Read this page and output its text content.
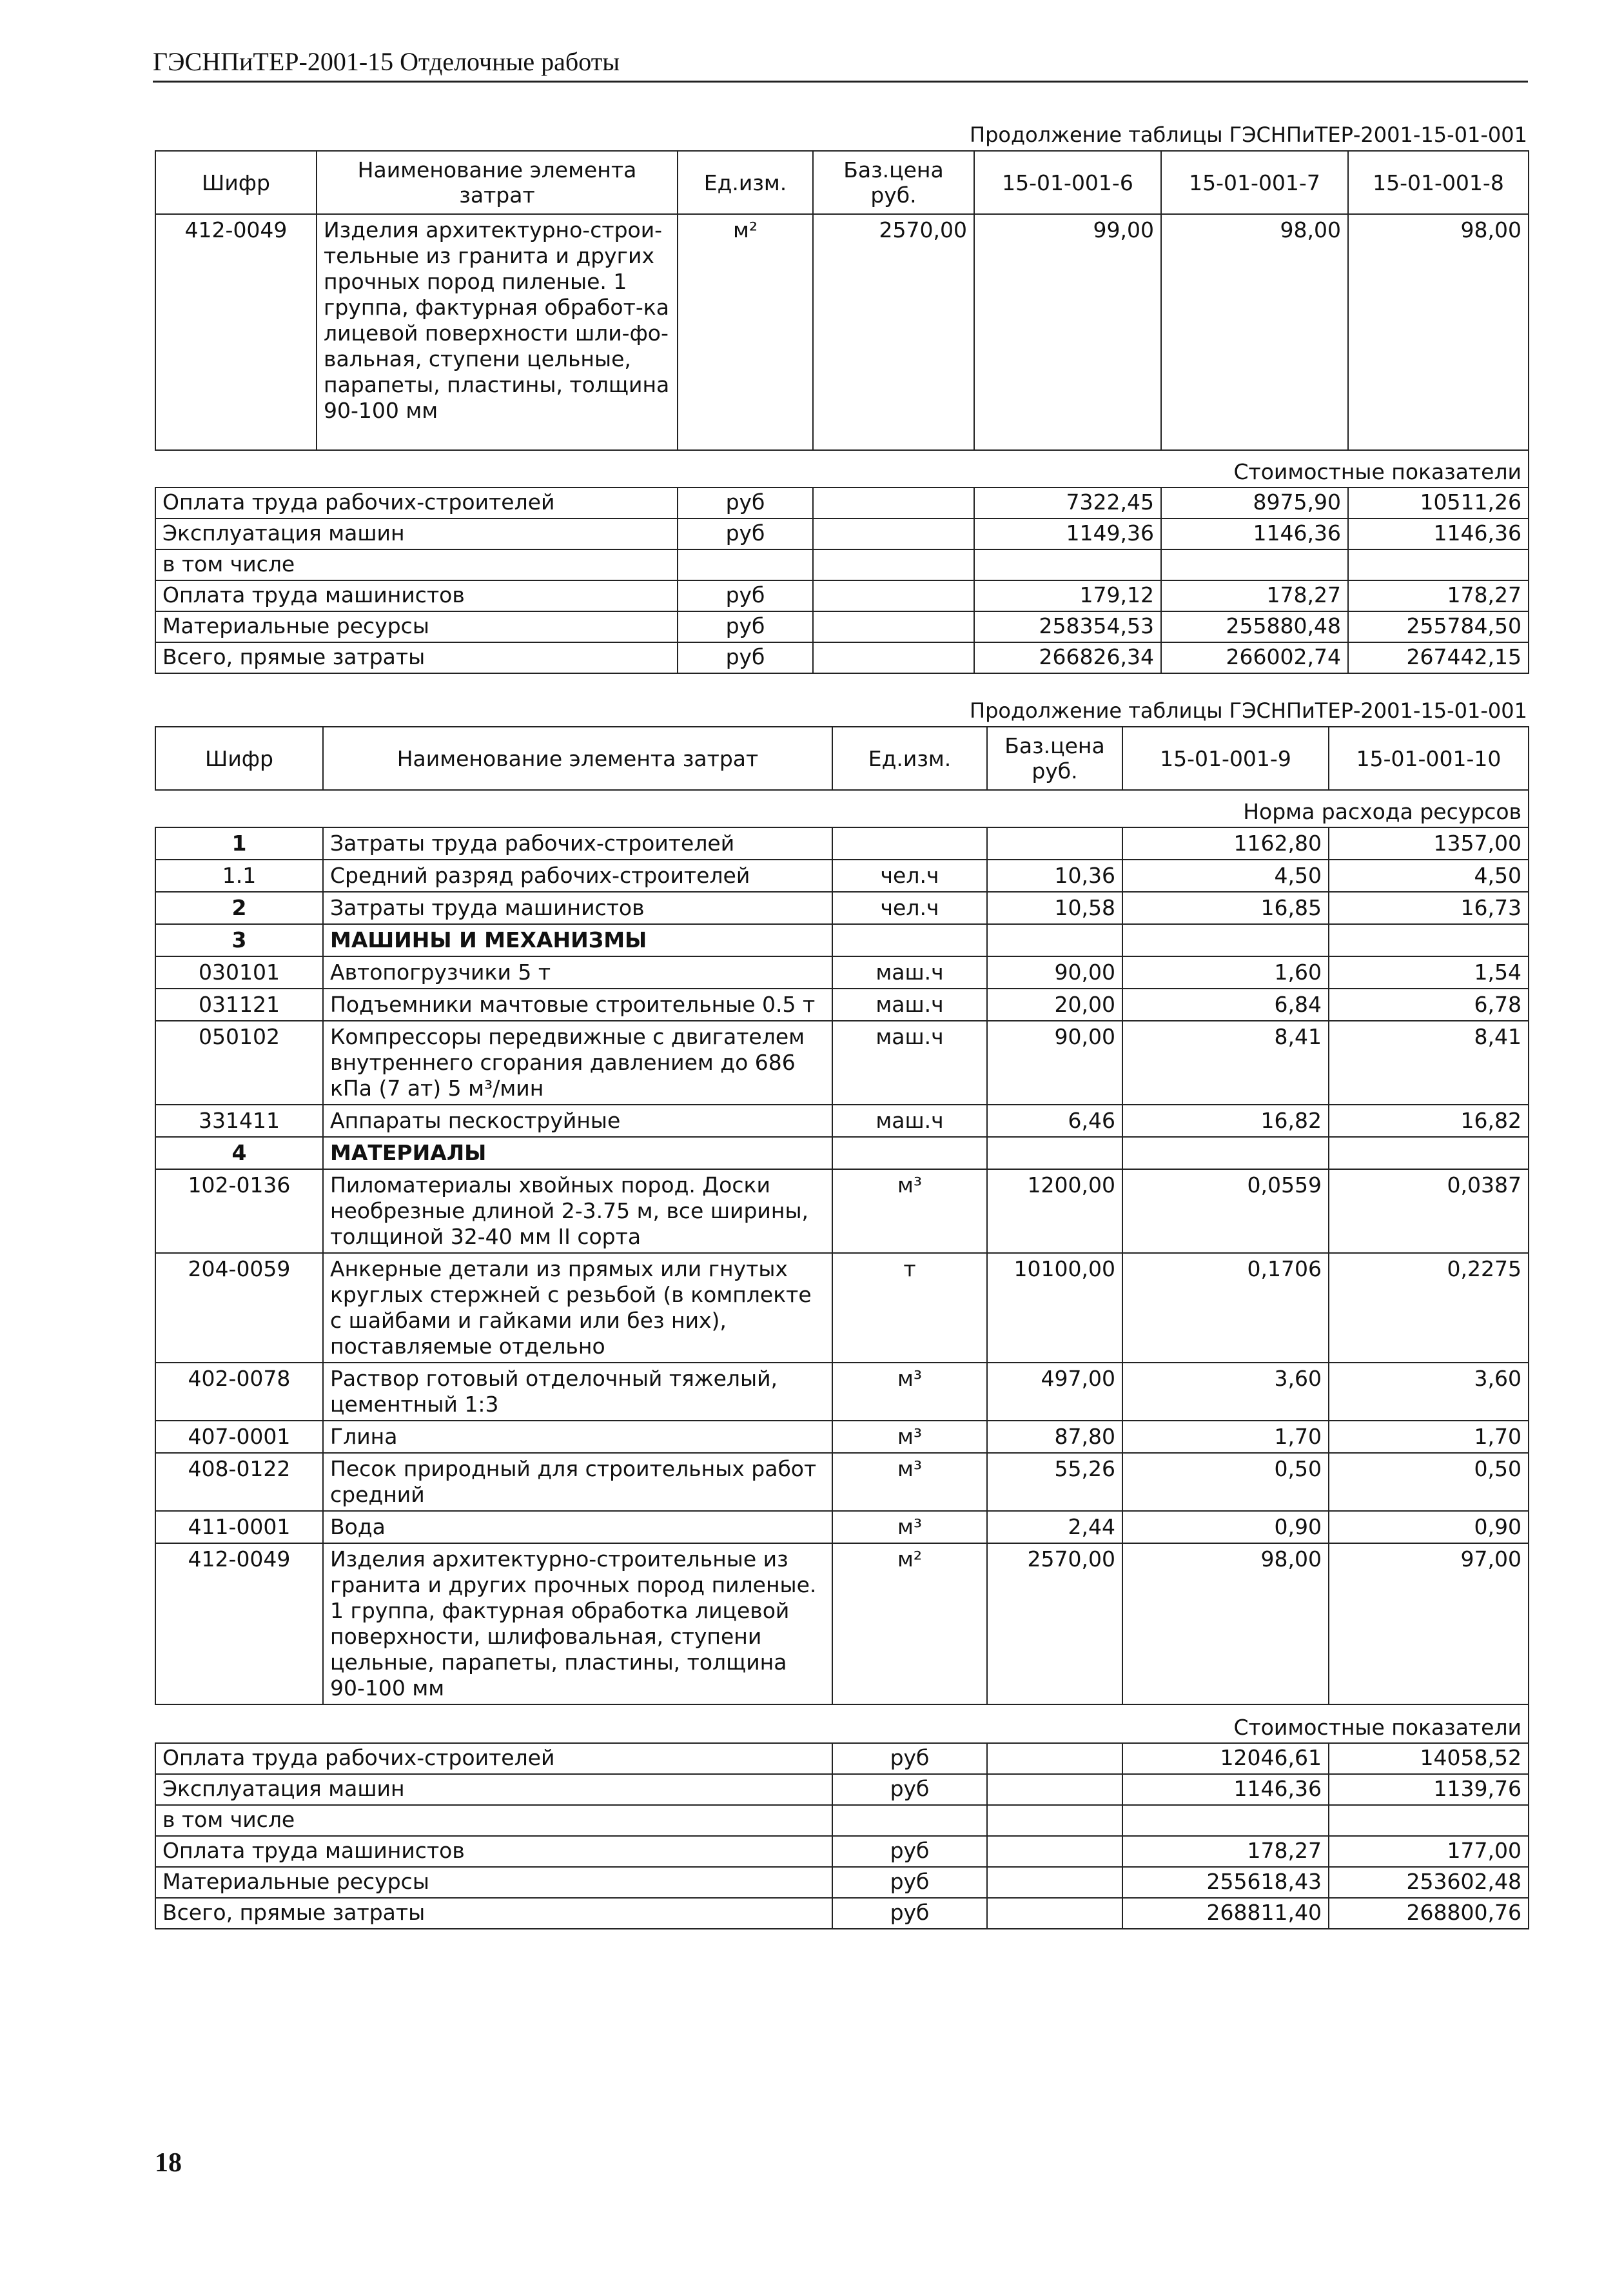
ГЭСНПиТЕР-2001-15 Отделочные работы
Продолжение таблицы ГЭСНПиТЕР-2001-15-01-001
Шифр	Наименование элемента затрат	Ед.изм.	Баз.цена руб.	15-01-001-6	15-01-001-7	15-01-001-8
412-0049	Изделия архитектурно-строи-тельные из гранита и других прочных пород пиленые. 1 группа, фактурная обработ-ка лицевой поверхности шли-фо-вальная, ступени цельные, парапеты, пластины, толщина 90-100 мм	м²	2570,00	99,00	98,00	98,00
Стоимостные показатели						
Оплата труда рабочих-строителей		руб		7322,45	8975,90	10511,26
Эксплуатация машин		руб		1149,36	1146,36	1146,36
в том числе						
Оплата труда машинистов		руб		179,12	178,27	178,27
Материальные ресурсы		руб		258354,53	255880,48	255784,50
Всего, прямые затраты		руб		266826,34	266002,74	267442,15
Продолжение таблицы ГЭСНПиТЕР-2001-15-01-001
Шифр	Наименование элемента затрат	Ед.изм.	Баз.цена руб.	15-01-001-9	15-01-001-10
Норма расхода ресурсов					
1	Затраты труда рабочих-строителей			1162,80	1357,00
1.1	Средний разряд рабочих-строителей	чел.ч	10,36	4,50	4,50
2	Затраты труда машинистов	чел.ч	10,58	16,85	16,73
3	МАШИНЫ И МЕХАНИЗМЫ				
030101	Автопогрузчики 5 т	маш.ч	90,00	1,60	1,54
031121	Подъемники мачтовые строительные 0.5 т	маш.ч	20,00	6,84	6,78
050102	Компрессоры передвижные с двигателем внутреннего сгорания давлением до 686 кПа (7 ат) 5 м³/мин	маш.ч	90,00	8,41	8,41
331411	Аппараты пескоструйные	маш.ч	6,46	16,82	16,82
4	МАТЕРИАЛЫ				
102-0136	Пиломатериалы хвойных пород. Доски необрезные длиной 2-3.75 м, все ширины, толщиной 32-40 мм II сорта	м³	1200,00	0,0559	0,0387
204-0059	Анкерные детали из прямых или гнутых круглых стержней с резьбой (в комплекте с шайбами и гайками или без них), поставляемые отдельно	т	10100,00	0,1706	0,2275
402-0078	Раствор готовый отделочный тяжелый, цементный 1:3	м³	497,00	3,60	3,60
407-0001	Глина	м³	87,80	1,70	1,70
408-0122	Песок природный для строительных работ средний	м³	55,26	0,50	0,50
411-0001	Вода	м³	2,44	0,90	0,90
412-0049	Изделия архитектурно-строительные из гранита и других прочных пород пиленые. 1 группа, фактурная обработка лицевой поверхности, шлифовальная, ступени цельные, парапеты, пластины, толщина 90-100 мм	м²	2570,00	98,00	97,00
Стоимостные показатели					
Оплата труда рабочих-строителей		руб		12046,61	14058,52
Эксплуатация машин		руб		1146,36	1139,76
в том числе					
Оплата труда машинистов		руб		178,27	177,00
Материальные ресурсы		руб		255618,43	253602,48
Всего, прямые затраты		руб		268811,40	268800,76
18
